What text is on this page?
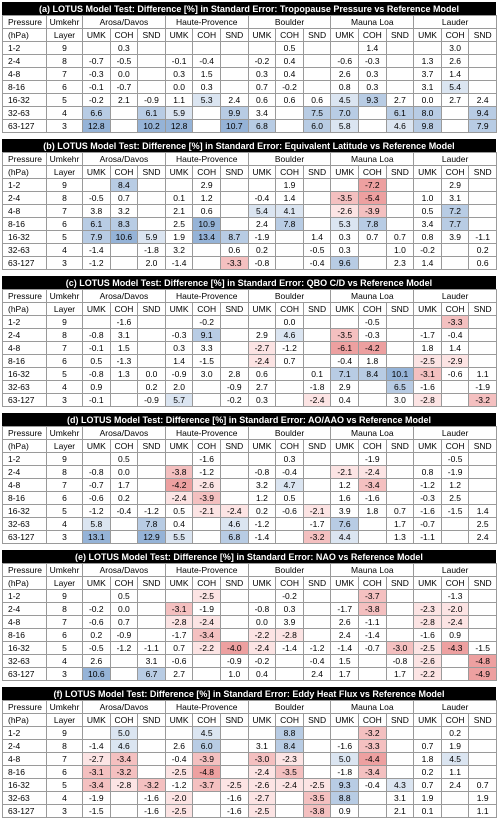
(a) LOTUS Model Test: Difference [%] in Standard Error: Tropopause Pressure vs Reference Model
Pressure	Umkehr	Arosa/Davos			Haute-Provence			Boulder			Mauna Loa			Lauder		
(hPa)	Layer	UMK	COH	SND	UMK	COH	SND	UMK	COH	SND	UMK	COH	SND	UMK	COH	SND
1-2	9		0.3						0.5			1.4			3.0	
2-4	8	-0.7	-0.5		-0.1	-0.4		-0.2	0.4		-0.6	-0.3		1.3	2.6	
4-8	7	-0.3	0.0		0.3	1.5		0.3	0.4		2.6	0.3		3.7	1.4	
8-16	6	-0.1	-0.7		0.0	0.3		0.7	-0.2		0.8	0.3		3.1	5.4	
16-32	5	-0.2	2.1	-0.9	1.1	5.3	2.4	0.6	0.6	0.6	4.5	9.3	2.7	0.0	2.7	2.4
32-63	4	6.6		6.1	5.9		9.9	3.4		7.5	7.0		6.1	8.0		9.4
63-127	3	12.8		10.2	12.8		10.7	6.8		6.0	5.8		4.6	9.8		7.9
(b) LOTUS Model Test: Difference [%] in Standard Error: Equivalent Latitude vs Reference Model
Pressure	Umkehr	Arosa/Davos			Haute-Provence			Boulder			Mauna Loa			Lauder		
(hPa)	Layer	UMK	COH	SND	UMK	COH	SND	UMK	COH	SND	UMK	COH	SND	UMK	COH	SND
1-2	9		8.4			2.9			1.9			-7.2			2.9	
2-4	8	-0.5	0.7		0.1	1.2		-0.4	1.4		-3.5	-5.4		1.0	3.1	
4-8	7	3.8	3.2		2.1	0.6		5.4	4.1		-2.6	-3.9		0.5	7.2	
8-16	6	6.1	8.3		2.5	10.9		2.4	7.8		5.3	7.8		3.4	7.7	
16-32	5	7.9	10.6	5.9	1.9	13.4	8.7	-1.9		1.4	0.3	0.7	0.7	0.8	3.9	-1.1
32-63	4	-1.4		-1.8	3.2		0.6	0.2		-0.5	0.3		1.0	-0.2		0.2
63-127	3	-1.2		2.0	-1.4		-3.3	-0.8		-0.4	9.6		2.3	1.4		0.6
(c) LOTUS Model Test: Difference [%] in Standard Error: QBO C/D vs Reference Model
Pressure	Umkehr	Arosa/Davos			Haute-Provence			Boulder			Mauna Loa			Lauder		
(hPa)	Layer	UMK	COH	SND	UMK	COH	SND	UMK	COH	SND	UMK	COH	SND	UMK	COH	SND
1-2	9		-1.6			-0.2			0.0			-0.5			-3.3	
2-4	8	-0.8	3.1		-0.3	9.1		2.9	4.6		-3.5	-0.3		-1.7	-0.4	
4-8	7	-0.1	1.5		0.3	3.3		-2.7	-1.2		-6.1	-4.2		1.8	1.4	
8-16	6	0.5	-1.3		1.4	-1.5		-2.4	0.7		-0.4	1.8		-2.5	-2.9	
16-32	5	-0.8	1.3	0.0	-0.9	3.0	2.8	0.6		0.1	7.1	8.4	10.1	-3.1	-0.6	1.1
32-63	4	0.9		0.2	2.0		-0.9	2.7		-1.8	2.9		6.5	-1.6		-1.9
63-127	3	-0.1		-0.9	5.7		-0.2	0.3		-2.4	0.4		3.0	-2.8		-3.2
(d) LOTUS Model Test: Difference [%] in Standard Error: AO/AAO vs Reference Model
Pressure	Umkehr	Arosa/Davos			Haute-Provence			Boulder			Mauna Loa			Lauder		
(hPa)	Layer	UMK	COH	SND	UMK	COH	SND	UMK	COH	SND	UMK	COH	SND	UMK	COH	SND
1-2	9		0.5			-1.6			0.3			-1.9			-0.5	
2-4	8	-0.8	0.0		-3.8	-1.2		-0.8	-0.4		-2.1	-2.4		0.8	-1.9	
4-8	7	-0.7	1.7		-4.2	-2.6		3.2	4.7		1.2	-3.4		-1.2	1.2	
8-16	6	-0.6	0.2		-2.4	-3.9		1.2	0.5		1.6	-1.6		-0.3	2.5	
16-32	5	-1.2	-0.4	-1.2	0.5	-2.1	-2.4	0.2	-0.6	-2.1	3.9	1.8	0.7	-1.6	-1.5	1.4
32-63	4	5.8		7.8	0.4		4.6	-1.2		-1.7	7.6		1.7	-0.7		2.5
63-127	3	13.1		12.9	5.5		6.8	-1.4		-3.2	4.4		1.3	-1.1		2.4
(e) LOTUS Model Test: Difference [%] in Standard Error: NAO vs Reference Model
Pressure	Umkehr	Arosa/Davos			Haute-Provence			Boulder			Mauna Loa			Lauder		
(hPa)	Layer	UMK	COH	SND	UMK	COH	SND	UMK	COH	SND	UMK	COH	SND	UMK	COH	SND
1-2	9		0.5			-2.5			-0.2			-3.7			-1.3	
2-4	8	-0.2	0.0		-3.1	-1.9		-0.8	0.3		-1.7	-3.8		-2.3	-2.0	
4-8	7	-0.6	0.7		-2.8	-2.4		0.0	3.9		2.6	-1.1		-2.8	-2.4	
8-16	6	0.2	-0.9		-1.7	-3.4		-2.2	-2.8		2.4	-1.4		-1.6	0.9	
16-32	5	-0.5	-1.2	-1.1	0.7	-2.2	-4.0	-2.4	-1.4	-1.2	-1.4	-0.7	-3.0	-2.5	-4.3	-1.5
32-63	4	2.6		3.1	-0.6		-0.9	-0.2		-0.4	1.5		-0.8	-2.6		-4.8
63-127	3	10.6		6.7	2.7		1.0	0.4		2.4	1.7		1.7	-2.2		-4.9
(f) LOTUS Model Test: Difference [%] in Standard Error: Eddy Heat Flux vs Reference Model
Pressure	Umkehr	Arosa/Davos			Haute-Provence			Boulder			Mauna Loa			Lauder		
(hPa)	Layer	UMK	COH	SND	UMK	COH	SND	UMK	COH	SND	UMK	COH	SND	UMK	COH	SND
1-2	9		5.0			4.5			8.8			-3.2			0.2	
2-4	8	-1.4	4.6		2.6	6.0		3.1	8.4		-1.6	-3.3		0.7	1.9	
4-8	7	-2.7	-3.4		-0.4	-3.9		-3.0	-2.3		5.0	-4.4		1.8	4.5	
8-16	6	-3.1	-3.2		-2.5	-4.8		-2.4	-3.5		-1.8	-3.4		0.2	1.1	
16-32	5	-3.4	-2.8	-3.2	-1.2	-3.7	-2.5	-2.6	-2.4	-2.5	9.3	-0.4	4.3	0.7	2.4	0.7
32-63	4	-1.9		-1.6	-2.0		-1.6	-2.7		-3.5	8.8		3.1	1.9		1.9
63-127	3	-1.5		-1.6	-2.5		-1.6	-2.5		-3.8	0.9		2.1	0.1		1.1
